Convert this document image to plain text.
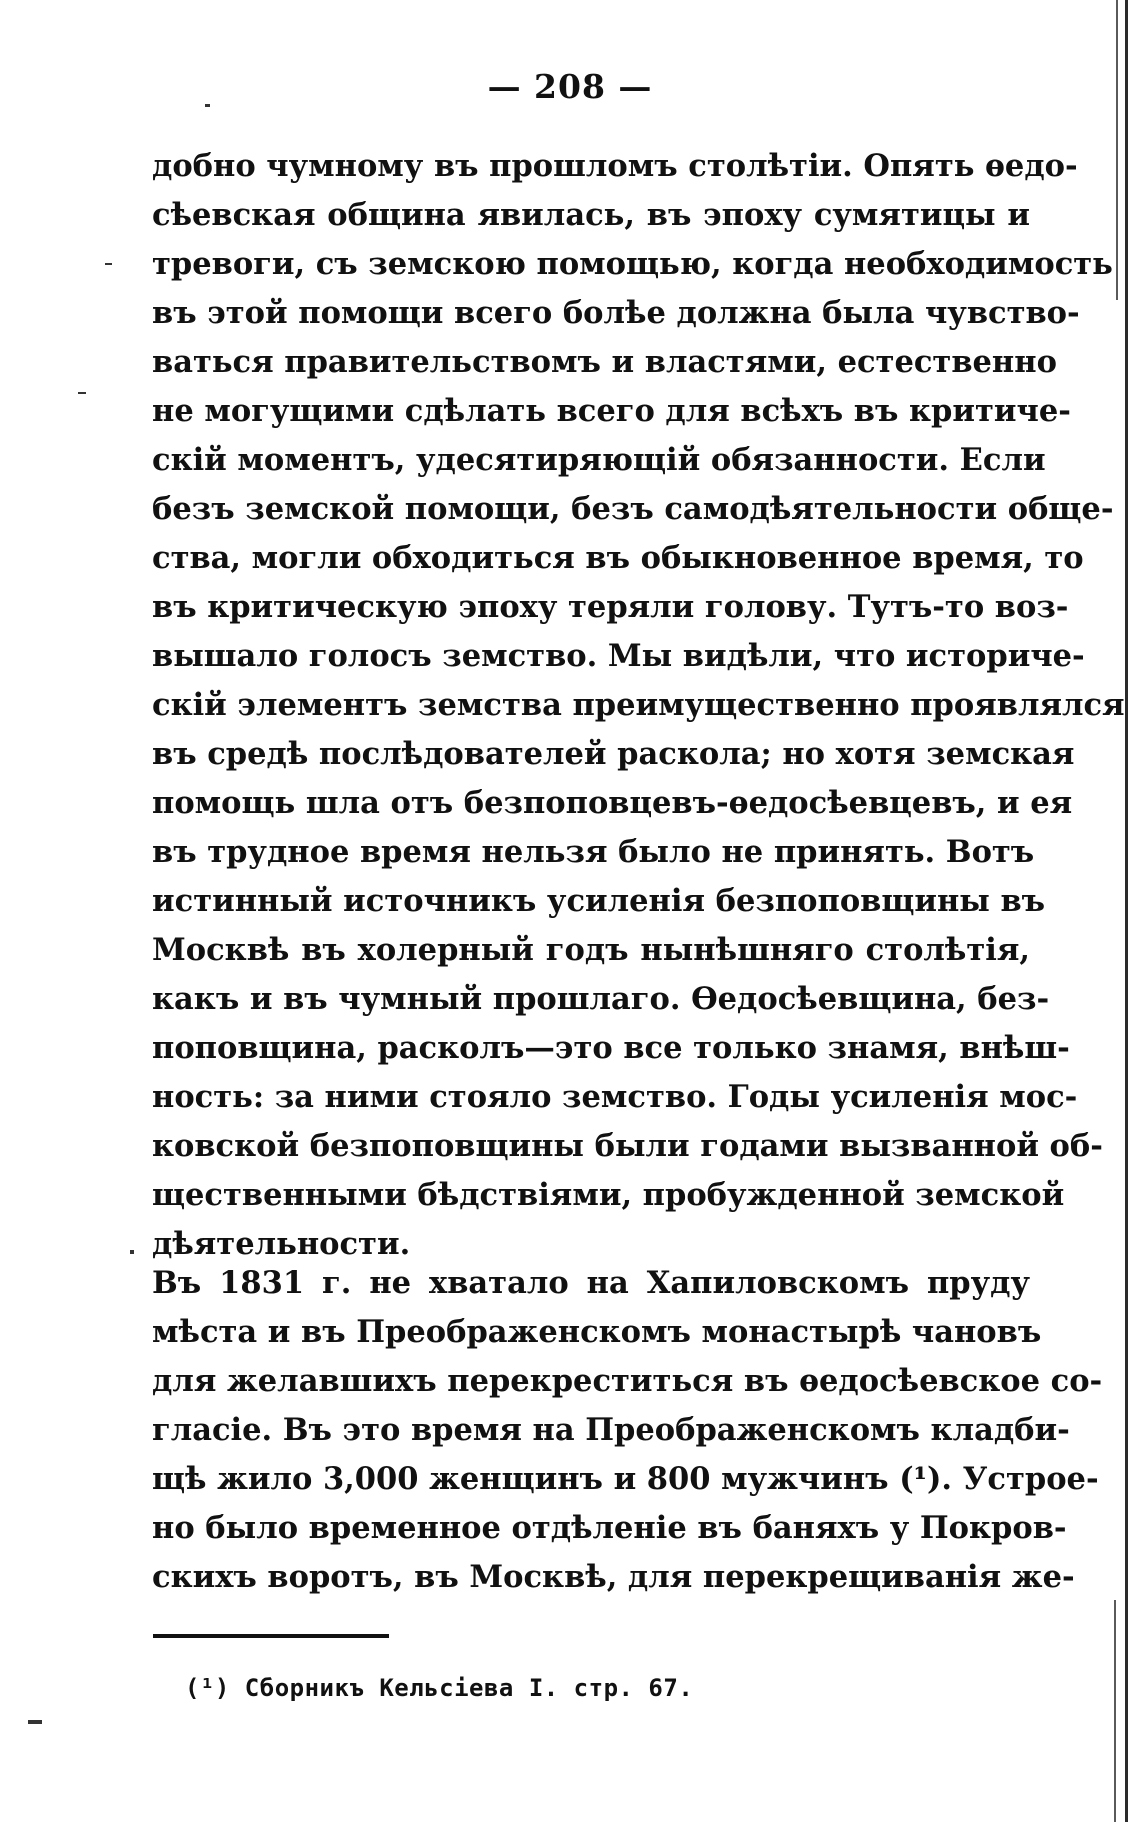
— 208 —
добно чумному въ прошломъ столѣтіи. Опять ѳедо-
сѣевская община явилась, въ эпоху сумятицы и
тревоги, съ земскою помощью, когда необходимость
въ этой помощи всего болѣе должна была чувство-
ваться правительствомъ и властями, естественно
не могущими сдѣлать всего для всѣхъ въ критиче-
скій моментъ, удесятиряющій обязанности. Если
безъ земской помощи, безъ самодѣятельности обще-
ства, могли обходиться въ обыкновенное время, то
въ критическую эпоху теряли голову. Тутъ-то воз-
вышало голосъ земство. Мы видѣли, что историче-
скій элементъ земства преимущественно проявлялся
въ средѣ послѣдователей раскола; но хотя земская
помощь шла отъ безпоповцевъ-ѳедосѣевцевъ, и ея
въ трудное время нельзя было не принять. Вотъ
истинный источникъ усиленія безпоповщины въ
Москвѣ въ холерный годъ нынѣшняго столѣтія,
какъ и въ чумный прошлаго. Ѳедосѣевщина, без-
поповщина, расколъ—это все только знамя, внѣш-
ность: за ними стояло земство. Годы усиленія мос-
ковской безпоповщины были годами вызванной об-
щественными бѣдствіями, пробужденной земской
дѣятельности.
Въ 1831 г. не хватало на Хапиловскомъ пруду
мѣста и въ Преображенскомъ монастырѣ чановъ
для желавшихъ перекреститься въ ѳедосѣевское со-
гласіе. Въ это время на Преображенскомъ кладби-
щѣ жило 3,000 женщинъ и 800 мужчинъ (¹). Устрое-
но было временное отдѣленіе въ баняхъ у Покров-
скихъ воротъ, въ Москвѣ, для перекрещиванія же-
(¹) Сборникъ Кельсіева I. стр. 67.
